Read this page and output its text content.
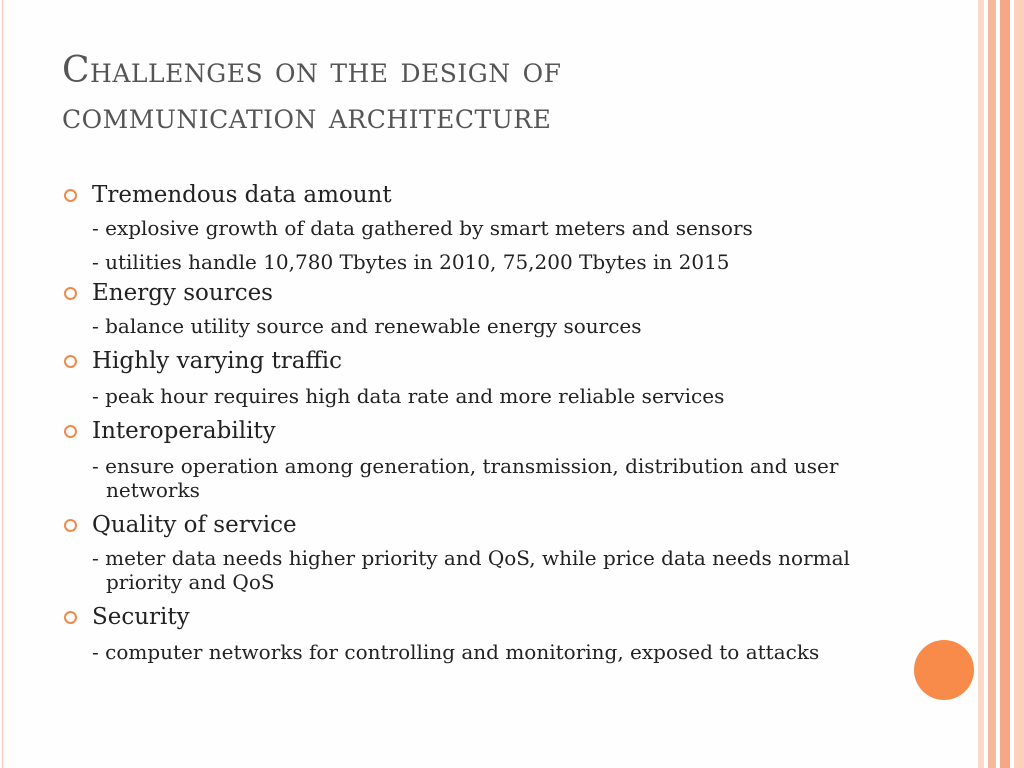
Challenges on the design of
communication architecture
Tremendous data amount
- explosive growth of data gathered by smart meters and sensors
- utilities handle 10,780 Tbytes in 2010, 75,200 Tbytes in 2015
Energy sources
- balance utility source and renewable energy sources
Highly varying traffic
- peak hour requires high data rate and more reliable services
Interoperability
- ensure operation among generation, transmission, distribution and user networks
Quality of service
- meter data needs higher priority and QoS, while price data needs normal priority and QoS
Security
- computer networks for controlling and monitoring, exposed to attacks
